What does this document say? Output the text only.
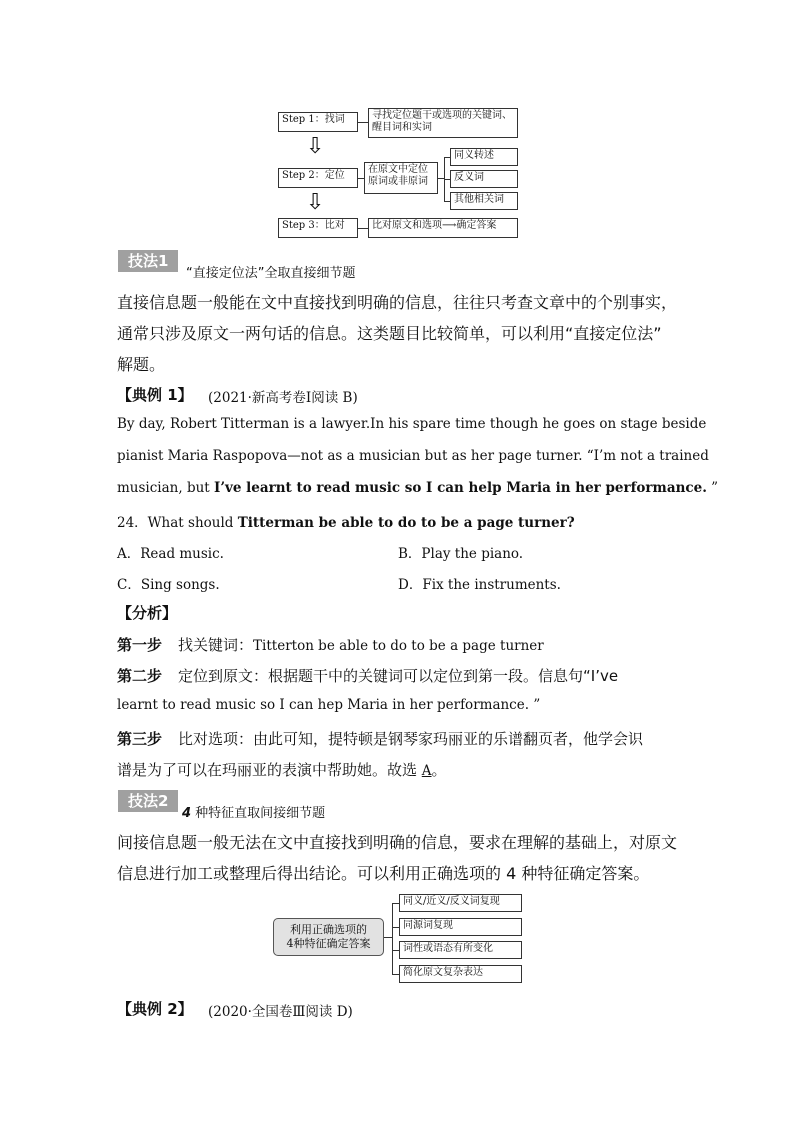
Step 1：找词	寻找定位题干或选项的关键词、
醒目词和实词
⇩
Step 2：定位
在原文中定位
原词或非原词
同义转述
反义词
其他相关词
⇩
Step 3：比对	比对原文和选项⟶确定答案
技法1
“直接定位法”全取直接细节题
直接信息题一般能在文中直接找到明确的信息，往往只考查文章中的个别事实，
通常只涉及原文一两句话的信息。这类题目比较简单，可以利用“直接定位法”
解题。
【典例 1】 (2021·新高考卷Ⅰ阅读 B)
By day, Robert Titterman is a lawyer.In his spare time though he goes on stage beside
pianist Maria Raspopova—not as a musician but as her page turner. “I’m not a trained
musician, but I’ve learnt to read music so I can help Maria in her performance. ”
24．What should Titterman be able to do to be a page turner?
A．Read music.	B．Play the piano.
C．Sing songs.	D．Fix the instruments.
【分析】
第一步 找关键词：Titterton be able to do to be a page turner
第二步 定位到原文：根据题干中的关键词可以定位到第一段。信息句“I’ve
learnt to read music so I can hep Maria in her performance. ”
第三步 比对选项：由此可知，提特顿是钢琴家玛丽亚的乐谱翻页者，他学会识
谱是为了可以在玛丽亚的表演中帮助她。故选 A。
技法2
4 种特征直取间接细节题
间接信息题一般无法在文中直接找到明确的信息，要求在理解的基础上，对原文
信息进行加工或整理后得出结论。可以利用正确选项的 4 种特征确定答案。
利用正确选项的
4种特征确定答案
同义/近义/反义词复现
同源词复现
词性或语态有所变化
简化原文复杂表达
【典例 2】 (2020·全国卷Ⅲ阅读 D)
